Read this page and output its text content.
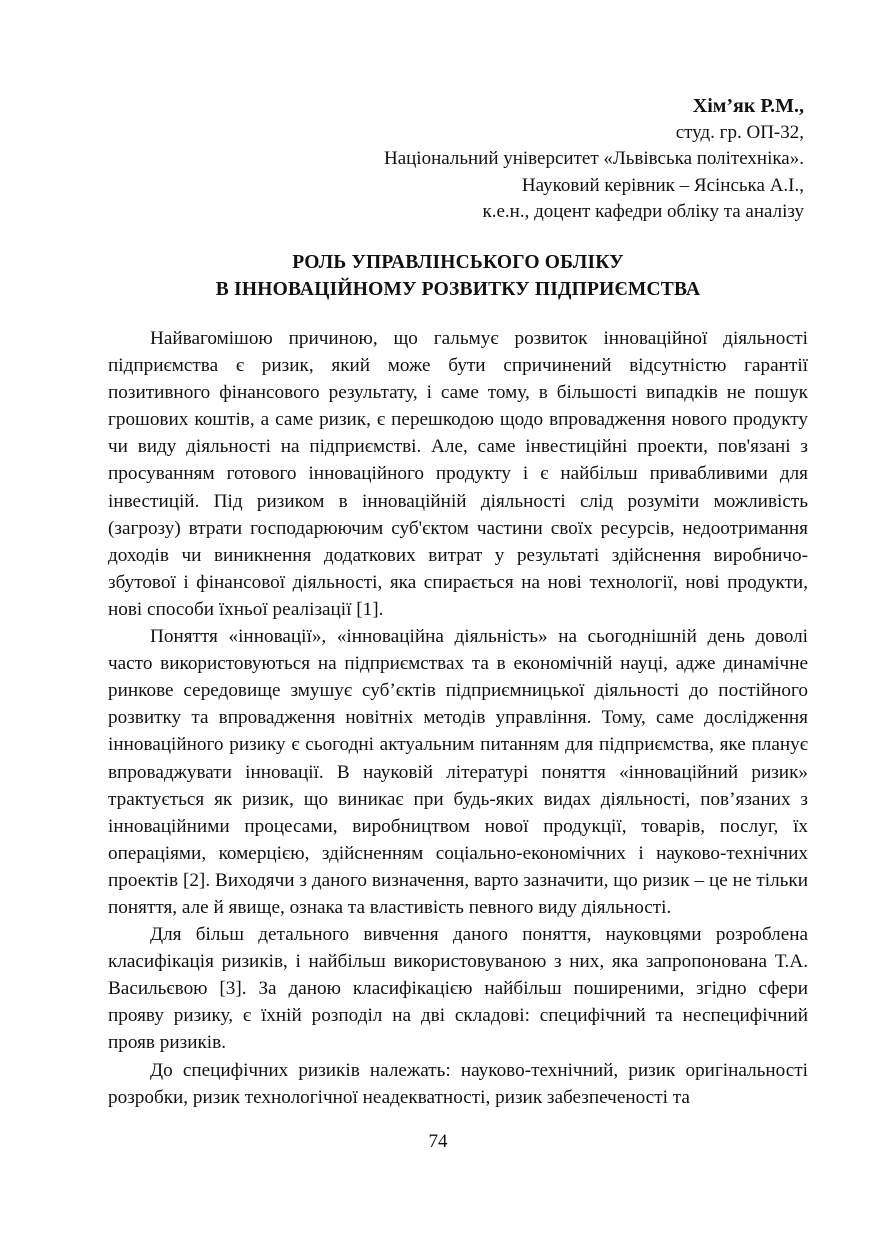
Хім’як Р.М.,
студ. гр. ОП-32,
Національний університет «Львівська політехніка».
Науковий керівник – Ясінська А.І.,
к.е.н., доцент кафедри обліку та аналізу
РОЛЬ УПРАВЛІНСЬКОГО ОБЛІКУ
В ІННОВАЦІЙНОМУ РОЗВИТКУ ПІДПРИЄМСТВА

Найвагомішою причиною, що гальмує розвиток інноваційної діяльності підприємства є ризик, який може бути спричинений відсутністю гарантії позитивного фінансового результату, і саме тому, в більшості випадків не пошук грошових коштів, а саме ризик, є перешкодою щодо впровадження нового продукту чи виду діяльності на підприємстві. Але, саме інвестиційні проекти, пов'язані з просуванням готового інноваційного продукту і є найбільш привабливими для інвестицій. Під ризиком в інноваційній діяльності слід розуміти можливість (загрозу) втрати господарюючим суб'єктом частини своїх ресурсів, недоотримання доходів чи виникнення додаткових витрат у результаті здійснення виробничо-збутової і фінансової діяльності, яка спирається на нові технології, нові продукти, нові способи їхньої реалізації [1].

Поняття «інновації», «інноваційна діяльність» на сьогоднішній день доволі часто використовуються на підприємствах та в економічній науці, адже динамічне ринкове середовище змушує суб’єктів підприємницької діяльності до постійного розвитку та впровадження новітніх методів управління. Тому, саме дослідження інноваційного ризику є сьогодні актуальним питанням для підприємства, яке планує впроваджувати інновації. В науковій літературі поняття «інноваційний ризик» трактується як ризик, що виникає при будь-яких видах діяльності, пов’язаних з інноваційними процесами, виробництвом нової продукції, товарів, послуг, їх операціями, комерцією, здійсненням соціально-економічних і науково-технічних проектів [2]. Виходячи з даного визначення, варто зазначити, що ризик – це не тільки поняття, але й явище, ознака та властивість певного виду діяльності.

Для більш детального вивчення даного поняття, науковцями розроблена класифікація ризиків, і найбільш використовуваною з них, яка запропонована Т.А. Васильєвою [3]. За даною класифікацією найбільш поширеними, згідно сфери прояву ризику, є їхній розподіл на дві складові: специфічний та неспецифічний прояв ризиків.

До специфічних ризиків належать: науково-технічний, ризик оригінальності розробки, ризик технологічної неадекватності, ризик забезпеченості та

74
